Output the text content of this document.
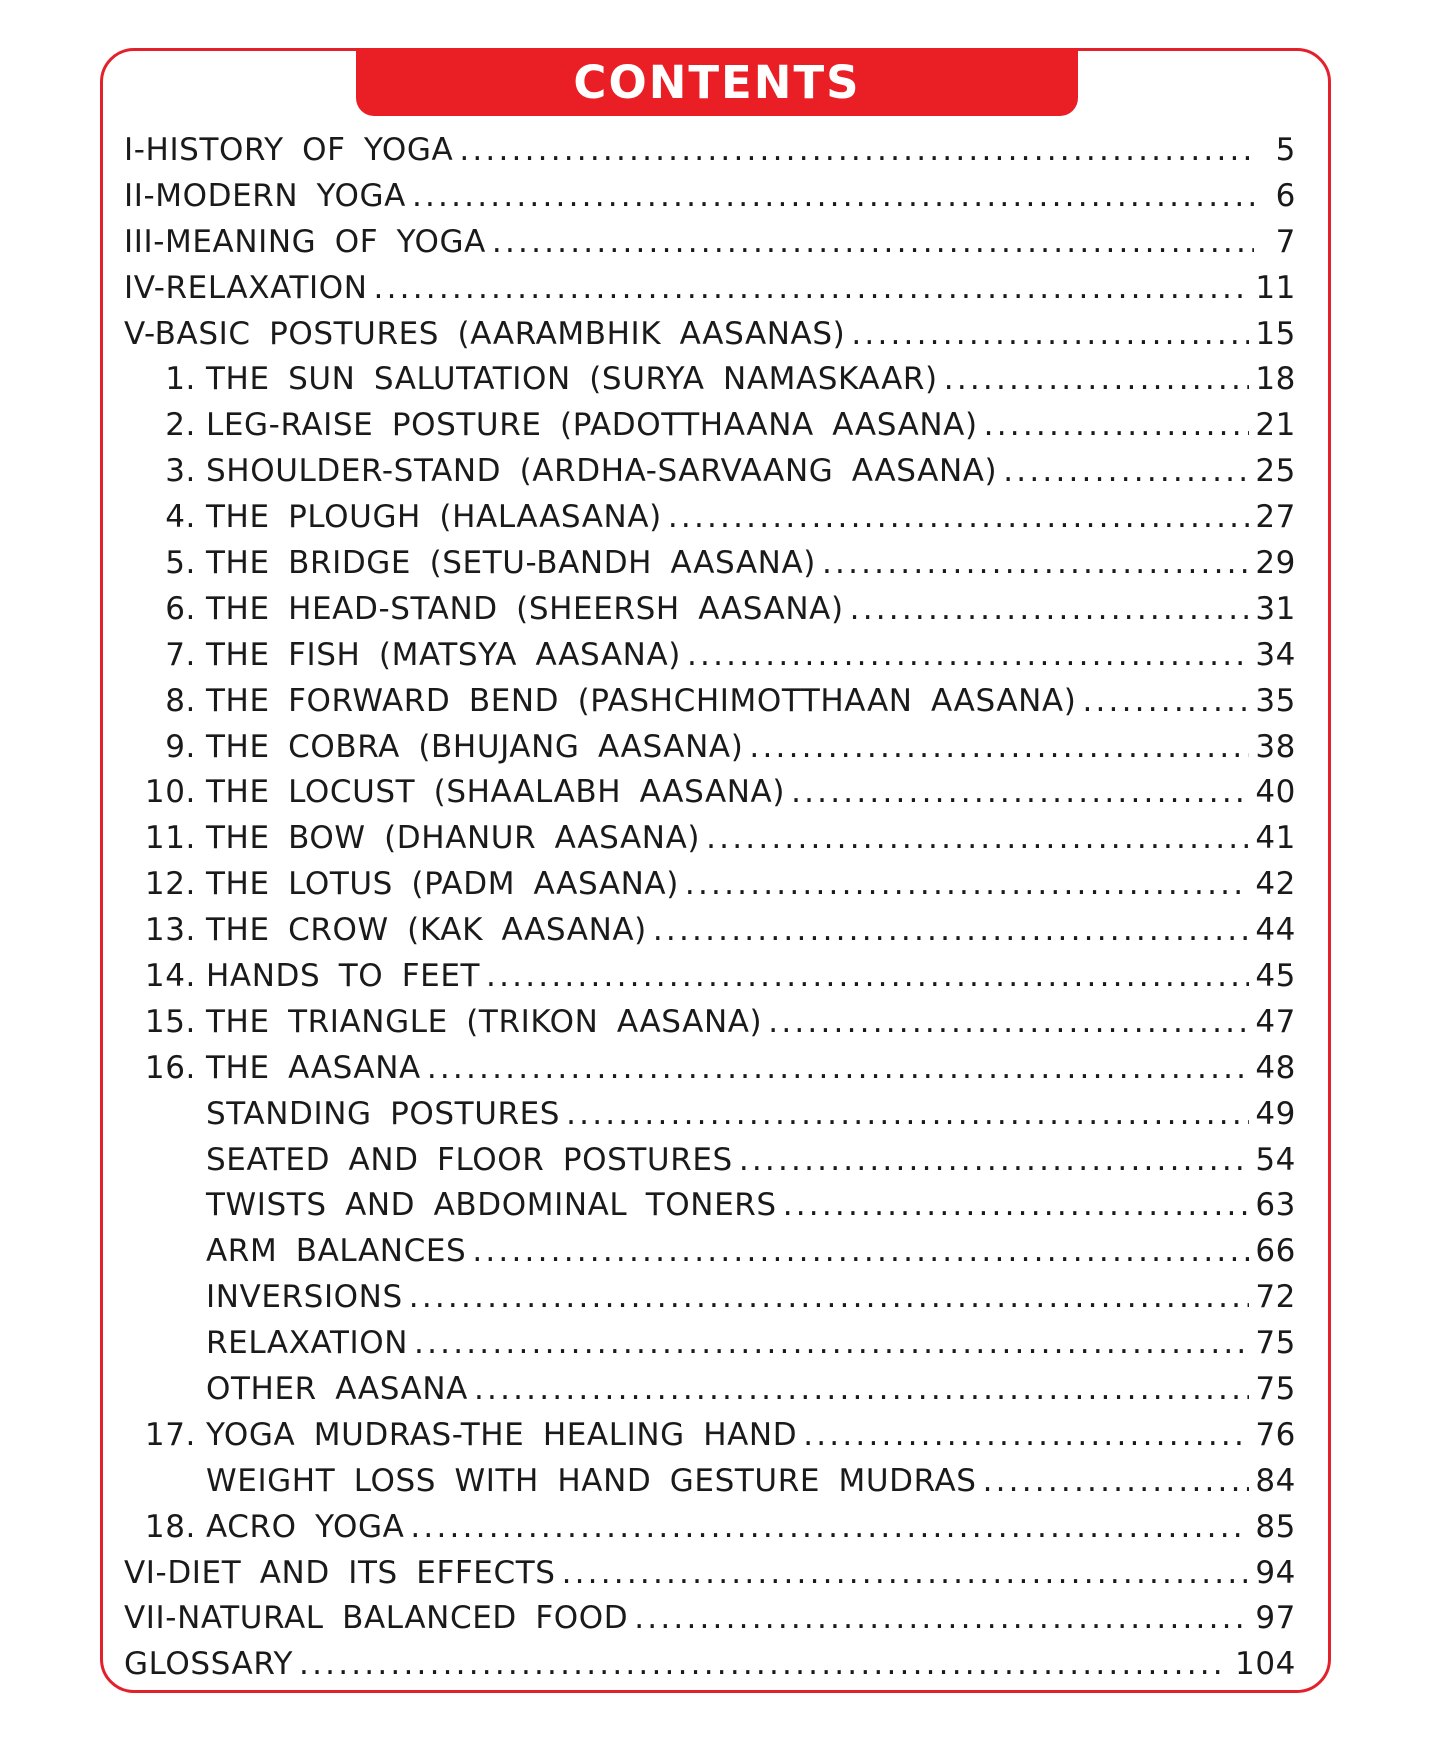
CONTENTS
I-HISTORY OF YOGA .....	5
II-MODERN YOGA .....	6
III-MEANING OF YOGA .....	7
IV-RELAXATION .....	11
V-BASIC POSTURES (AARAMBHIK AASANAS) .....	15
1. THE SUN SALUTATION (SURYA NAMASKAAR) .....	18
2. LEG-RAISE POSTURE (PADOTTHAANA AASANA) .....	21
3. SHOULDER-STAND (ARDHA-SARVAANG AASANA) .....	25
4. THE PLOUGH (HALAASANA) .....	27
5. THE BRIDGE (SETU-BANDH AASANA) .....	29
6. THE HEAD-STAND (SHEERSH AASANA) .....	31
7. THE FISH (MATSYA AASANA) .....	34
8. THE FORWARD BEND (PASHCHIMOTTHAAN AASANA) .....	35
9. THE COBRA (BHUJANG AASANA) .....	38
10. THE LOCUST (SHAALABH AASANA) .....	40
11. THE BOW (DHANUR AASANA) .....	41
12. THE LOTUS (PADM AASANA) .....	42
13. THE CROW (KAK AASANA) .....	44
14. HANDS TO FEET .....	45
15. THE TRIANGLE (TRIKON AASANA) .....	47
16. THE AASANA .....	48
STANDING POSTURES .....	49
SEATED AND FLOOR POSTURES .....	54
TWISTS AND ABDOMINAL TONERS .....	63
ARM BALANCES .....	66
INVERSIONS .....	72
RELAXATION .....	75
OTHER AASANA .....	75
17. YOGA MUDRAS-THE HEALING HAND .....	76
WEIGHT LOSS WITH HAND GESTURE MUDRAS .....	84
18. ACRO YOGA .....	85
VI-DIET AND ITS EFFECTS .....	94
VII-NATURAL BALANCED FOOD .....	97
GLOSSARY .....	104
